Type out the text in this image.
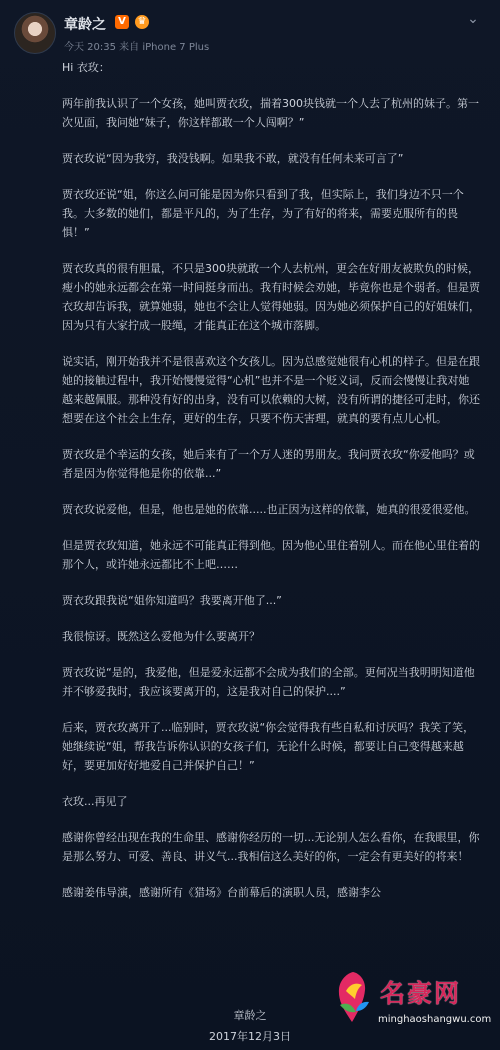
章龄之	V	♛
今天 20:35 来自 iPhone 7 Plus
⌄

Hi 衣玫：

两年前我认识了一个女孩，她叫贾衣玫，揣着300块钱就一个人去了杭州的妹子。第一次见面，我问她“妹子，你这样都敢一个人闯啊？”

贾衣玫说“因为我穷，我没钱啊。如果我不敢，就没有任何未来可言了”

贾衣玫还说“姐，你这么问可能是因为你只看到了我，但实际上，我们身边不只一个我。大多数的她们，都是平凡的，为了生存，为了有好的将来，需要克服所有的畏惧！”

贾衣玫真的很有胆量，不只是300块就敢一个人去杭州，更会在好朋友被欺负的时候，瘦小的她永远都会在第一时间挺身而出。我有时候会劝她，毕竟你也是个弱者。但是贾衣玫却告诉我，就算她弱，她也不会让人觉得她弱。因为她必须保护自己的好姐妹们，因为只有大家拧成一股绳，才能真正在这个城市落脚。

说实话，刚开始我并不是很喜欢这个女孩儿。因为总感觉她很有心机的样子。但是在跟她的接触过程中，我开始慢慢觉得“心机”也并不是一个贬义词，反而会慢慢让我对她越来越佩服。那种没有好的出身，没有可以依赖的大树，没有所谓的捷径可走时，你还想要在这个社会上生存，更好的生存，只要不伤天害理，就真的要有点儿心机。

贾衣玫是个幸运的女孩，她后来有了一个万人迷的男朋友。我问贾衣玫“你爱他吗？或者是因为你觉得他是你的依靠...”

贾衣玫说爱他，但是，他也是她的依靠.....也正因为这样的依靠，她真的很爱很爱他。

但是贾衣玫知道，她永远不可能真正得到他。因为他心里住着别人。而在他心里住着的那个人，或许她永远都比不上吧……

贾衣玫跟我说“姐你知道吗？我要离开他了...”

我很惊讶。既然这么爱他为什么要离开？

贾衣玫说“是的，我爱他，但是爱永远都不会成为我们的全部。更何况当我明明知道他并不够爱我时，我应该要离开的，这是我对自己的保护....”

后来，贾衣玫离开了...临别时，贾衣玫说“你会觉得我有些自私和讨厌吗？我笑了笑，她继续说“姐，帮我告诉你认识的女孩子们，无论什么时候，都要让自己变得越来越好，要更加好好地爱自己并保护自己！”

衣玫...再见了

感谢你曾经出现在我的生命里、感谢你经历的一切...无论别人怎么看你，在我眼里，你是那么努力、可爱、善良、讲义气...我相信这么美好的你，一定会有更美好的将来！

感谢姜伟导演，感谢所有《猎场》台前幕后的演职人员，感谢李公

章龄之
2017年12月3日
名豪网
minghaoshangwu.com
